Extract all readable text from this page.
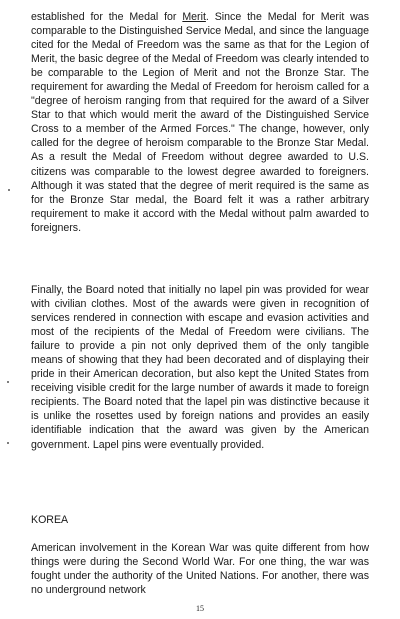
established for the Medal for Merit. Since the Medal for Merit was comparable to the Distinguished Service Medal, and since the language cited for the Medal of Freedom was the same as that for the Legion of Merit, the basic degree of the Medal of Freedom was clearly intended to be comparable to the Legion of Merit and not the Bronze Star. The requirement for awarding the Medal of Freedom for heroism called for a "degree of heroism ranging from that required for the award of a Silver Star to that which would merit the award of the Distinguished Service Cross to a member of the Armed Forces." The change, however, only called for the degree of heroism comparable to the Bronze Star Medal. As a result the Medal of Freedom without degree awarded to U.S. citizens was comparable to the lowest degree awarded to foreigners. Although it was stated that the degree of merit required is the same as for the Bronze Star medal, the Board felt it was a rather arbitrary requirement to make it accord with the Medal without palm awarded to foreigners.

Finally, the Board noted that initially no lapel pin was provided for wear with civilian clothes. Most of the awards were given in recognition of services rendered in connection with escape and evasion activities and most of the recipients of the Medal of Freedom were civilians. The failure to provide a pin not only deprived them of the only tangible means of showing that they had been decorated and of displaying their pride in their American decoration, but also kept the United States from receiving visible credit for the large number of awards it made to foreign recipients. The Board noted that the lapel pin was distinctive because it is unlike the rosettes used by foreign nations and provides an easily identifiable indication that the award was given by the American government. Lapel pins were eventually provided.

KOREA

American involvement in the Korean War was quite different from how things were during the Second World War. For one thing, the war was fought under the authority of the United Nations. For another, there was no underground network

15
